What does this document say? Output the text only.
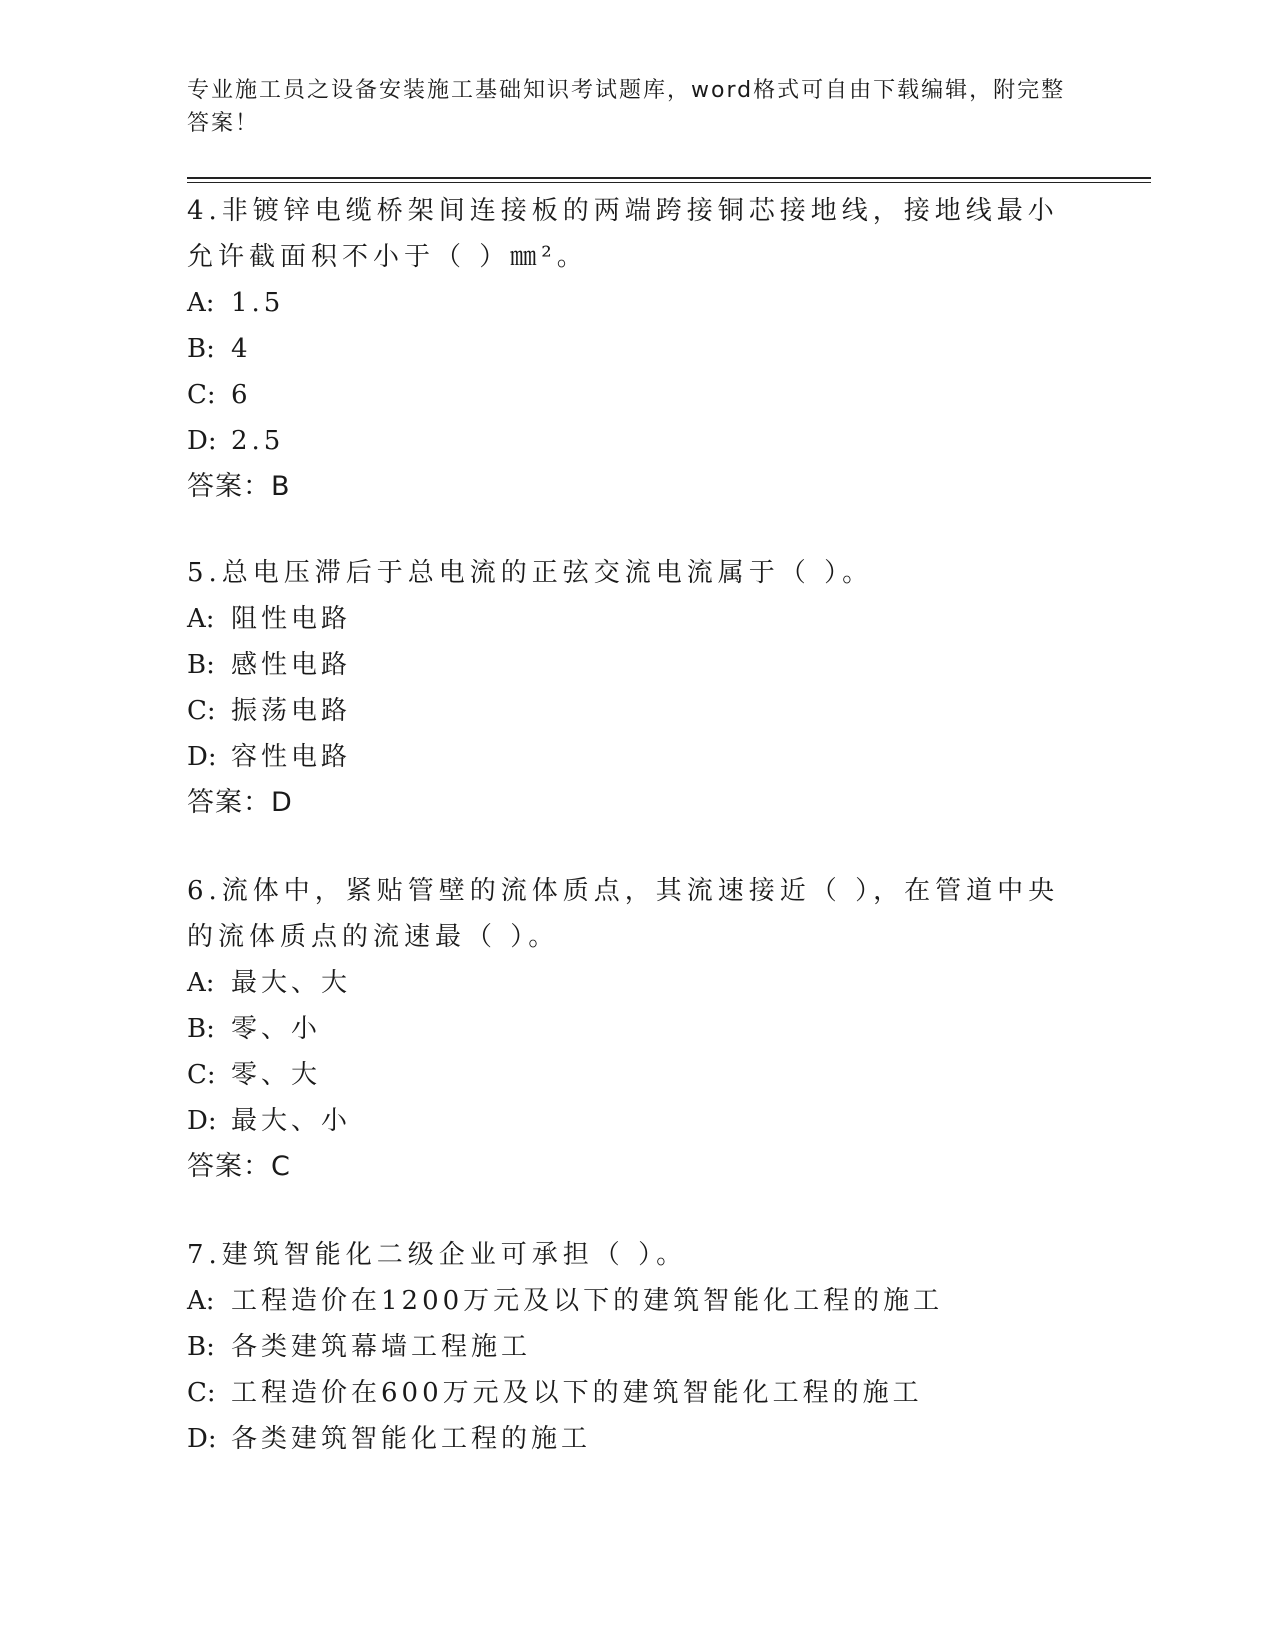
专业施工员之设备安装施工基础知识考试题库，word格式可自由下载编辑，附完整答案！

4.非镀锌电缆桥架间连接板的两端跨接铜芯接地线，接地线最小允许截面积不小于（ ）㎜²。

A: 1.5
B: 4
C: 6
D: 2.5
答案：B

5.总电压滞后于总电流的正弦交流电流属于（ ）。

A: 阻性电路
B: 感性电路
C: 振荡电路
D: 容性电路
答案：D

6.流体中，紧贴管壁的流体质点，其流速接近（ ），在管道中央的流体质点的流速最（ ）。

A: 最大、大
B: 零、小
C: 零、大
D: 最大、小
答案：C

7.建筑智能化二级企业可承担（ ）。

A: 工程造价在1200万元及以下的建筑智能化工程的施工
B: 各类建筑幕墙工程施工
C: 工程造价在600万元及以下的建筑智能化工程的施工
D: 各类建筑智能化工程的施工
